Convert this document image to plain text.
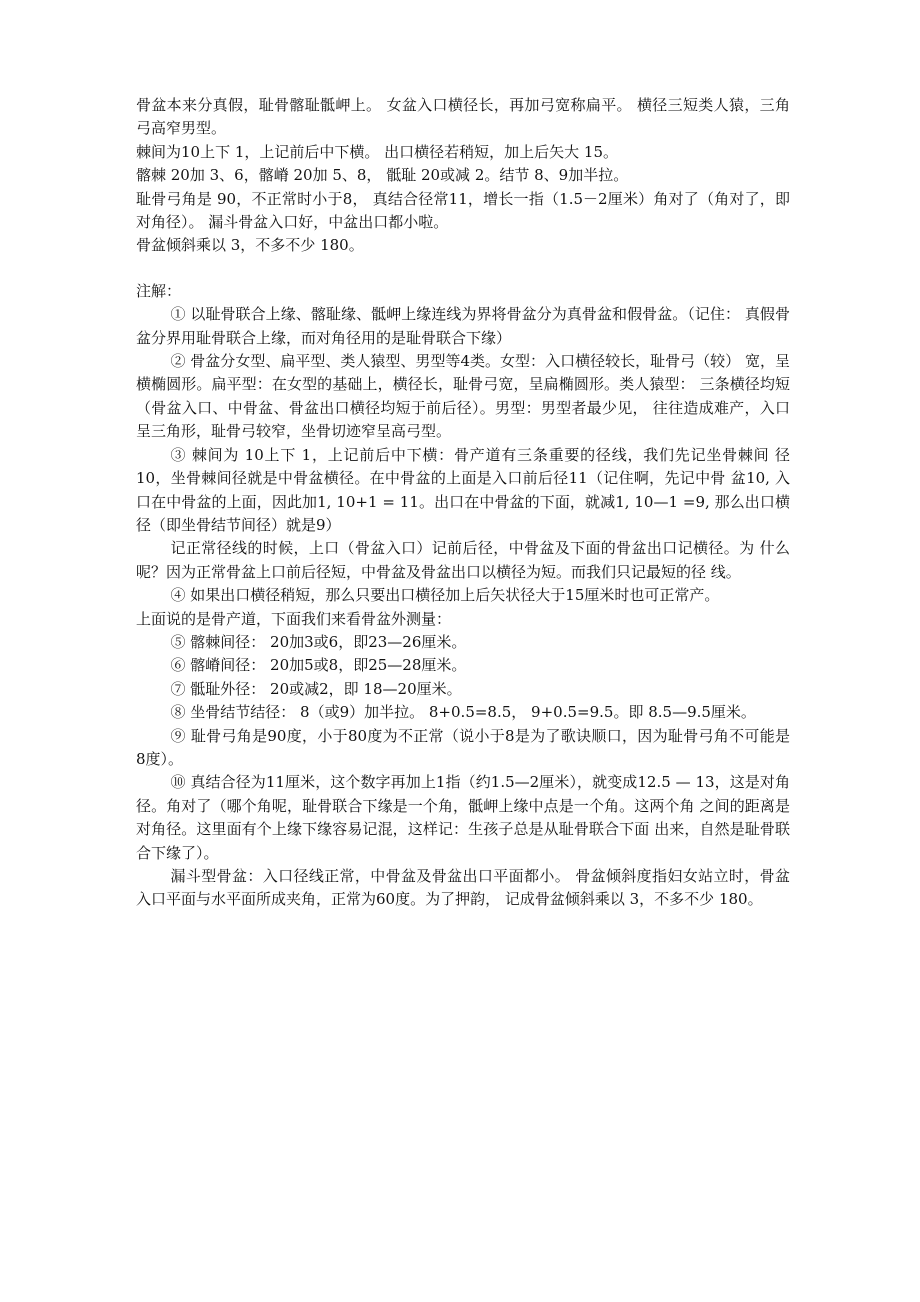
骨盆本来分真假，耻骨髂耻骶岬上。 女盆入口横径长，再加弓宽称扁平。 横径三短类人猿，三角弓高窄男型。

棘间为10上下 1，上记前后中下横。 出口横径若稍短，加上后矢大 15。

髂棘 20加 3、6，髂嵴 20加 5、8， 骶耻 20或减 2。结节 8、9加半拉。

耻骨弓角是 90，不正常时小于8， 真结合径常11，增长一指（1.5－2厘米）角对了（角对了，即对角径）。 漏斗骨盆入口好，中盆出口都小啦。

骨盆倾斜乘以 3，不多不少 180。

注解：

① 以耻骨联合上缘、髂耻缘、骶岬上缘连线为界将骨盆分为真骨盆和假骨盆。（记住： 真假骨盆分界用耻骨联合上缘，而对角径用的是耻骨联合下缘）

② 骨盆分女型、扁平型、类人猿型、男型等4类。女型：入口横径较长，耻骨弓（较） 宽，呈横椭圆形。扁平型：在女型的基础上，横径长，耻骨弓宽，呈扁椭圆形。类人猿型： 三条横径均短（骨盆入口、中骨盆、骨盆出口横径均短于前后径）。男型：男型者最少见， 往往造成难产，入口呈三角形，耻骨弓较窄，坐骨切迹窄呈高弓型。

③ 棘间为 10上下 1，上记前后中下横：骨产道有三条重要的径线，我们先记坐骨棘间 径 10，坐骨棘间径就是中骨盆横径。在中骨盆的上面是入口前后径11（记住啊，先记中骨 盆10, 入口在中骨盆的上面，因此加1, 10+1 = 11。出口在中骨盆的下面，就减1, 10—1 =9, 那么出口横径（即坐骨结节间径）就是9）

记正常径线的时候，上口（骨盆入口）记前后径，中骨盆及下面的骨盆出口记横径。为 什么呢？因为正常骨盆上口前后径短，中骨盆及骨盆出口以横径为短。而我们只记最短的径 线。

④ 如果出口横径稍短，那么只要出口横径加上后矢状径大于15厘米时也可正常产。

上面说的是骨产道，下面我们来看骨盆外测量：

⑤ 髂棘间径： 20加3或6，即23—26厘米。

⑥ 髂嵴间径： 20加5或8，即25—28厘米。

⑦ 骶耻外径： 20或减2，即 18—20厘米。

⑧ 坐骨结节结径： 8（或9）加半拉。 8+0.5=8.5， 9+0.5=9.5。即 8.5—9.5厘米。

⑨ 耻骨弓角是90度，小于80度为不正常（说小于8是为了歌诀顺口，因为耻骨弓角不可能是 8度）。

⑩ 真结合径为11厘米，这个数字再加上1指（约1.5—2厘米），就变成12.5 — 13，这是对角径。角对了（哪个角呢，耻骨联合下缘是一个角，骶岬上缘中点是一个角。这两个角 之间的距离是对角径。这里面有个上缘下缘容易记混，这样记：生孩子总是从耻骨联合下面 出来，自然是耻骨联合下缘了）。

漏斗型骨盆：入口径线正常，中骨盆及骨盆出口平面都小。 骨盆倾斜度指妇女站立时，骨盆入口平面与水平面所成夹角，正常为60度。为了押韵， 记成骨盆倾斜乘以 3，不多不少 180。
